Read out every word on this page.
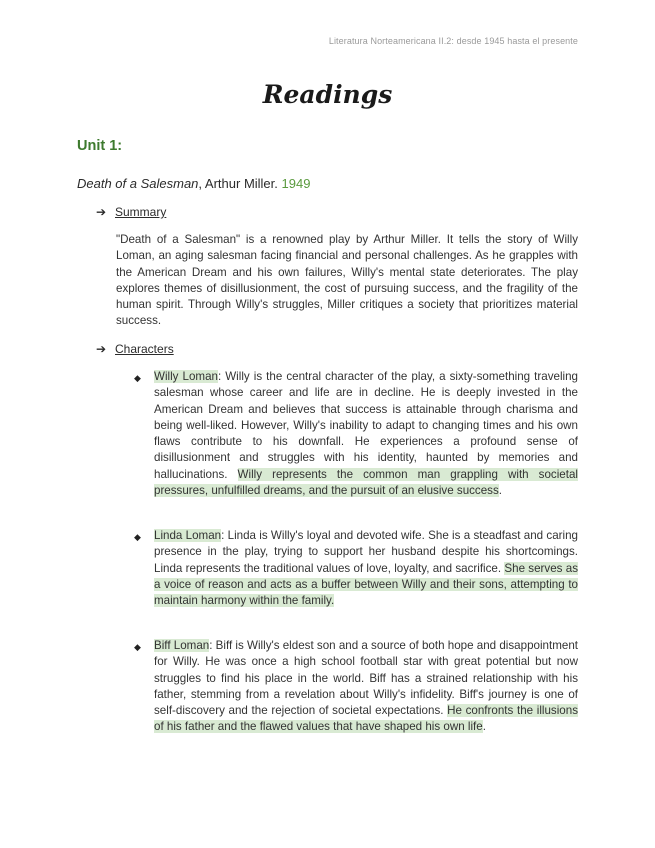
Literatura Norteamericana II.2: desde 1945 hasta el presente
Readings
Unit 1:
Death of a Salesman, Arthur Miller. 1949
➔ Summary
"Death of a Salesman" is a renowned play by Arthur Miller. It tells the story of Willy Loman, an aging salesman facing financial and personal challenges. As he grapples with the American Dream and his own failures, Willy's mental state deteriorates. The play explores themes of disillusionment, the cost of pursuing success, and the fragility of the human spirit. Through Willy's struggles, Miller critiques a society that prioritizes material success.
➔ Characters
◆ Willy Loman: Willy is the central character of the play, a sixty-something traveling salesman whose career and life are in decline. He is deeply invested in the American Dream and believes that success is attainable through charisma and being well-liked. However, Willy's inability to adapt to changing times and his own flaws contribute to his downfall. He experiences a profound sense of disillusionment and struggles with his identity, haunted by memories and hallucinations. Willy represents the common man grappling with societal pressures, unfulfilled dreams, and the pursuit of an elusive success.
◆ Linda Loman: Linda is Willy's loyal and devoted wife. She is a steadfast and caring presence in the play, trying to support her husband despite his shortcomings. Linda represents the traditional values of love, loyalty, and sacrifice. She serves as a voice of reason and acts as a buffer between Willy and their sons, attempting to maintain harmony within the family.
◆ Biff Loman: Biff is Willy's eldest son and a source of both hope and disappointment for Willy. He was once a high school football star with great potential but now struggles to find his place in the world. Biff has a strained relationship with his father, stemming from a revelation about Willy's infidelity. Biff's journey is one of self-discovery and the rejection of societal expectations. He confronts the illusions of his father and the flawed values that have shaped his own life.
